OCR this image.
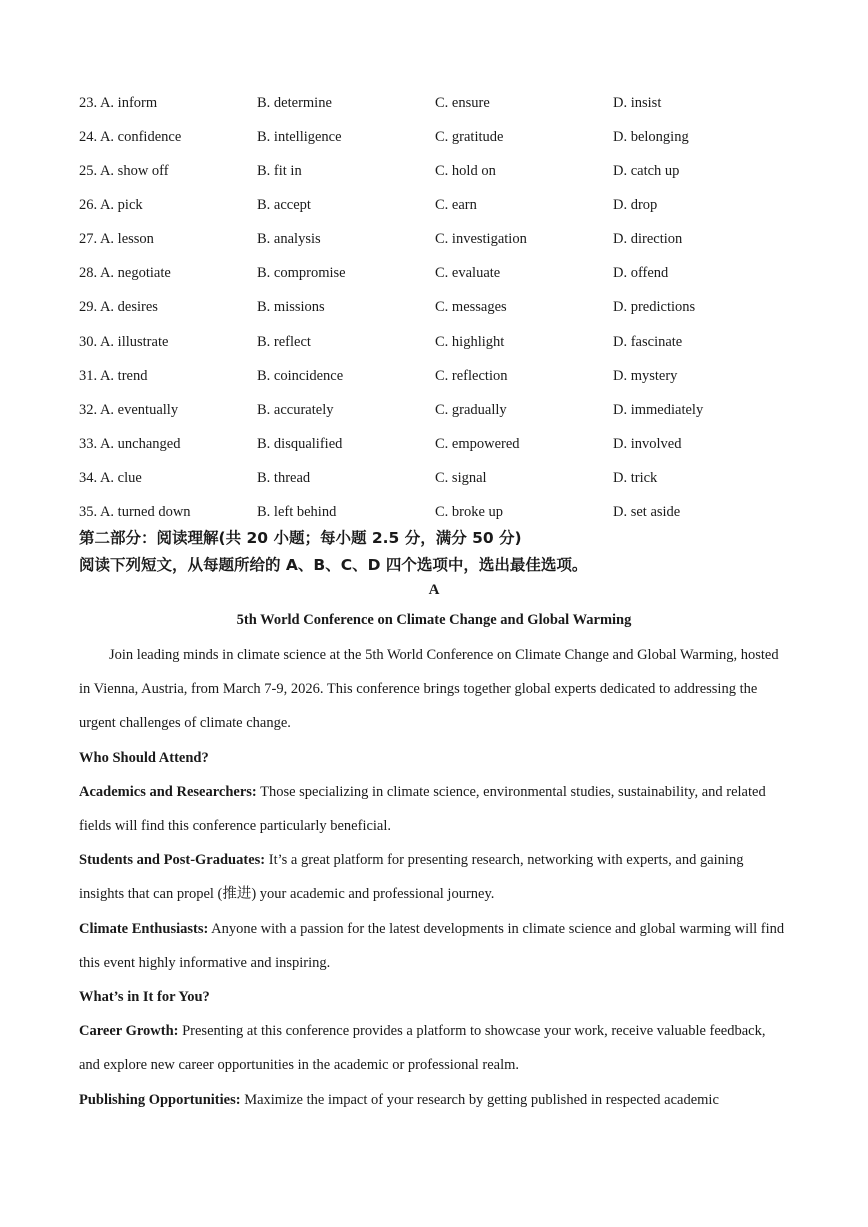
23. A. inform	B. determine	C. ensure	D. insist
24. A. confidence	B. intelligence	C. gratitude	D. belonging
25. A. show off	B. fit in	C. hold on	D. catch up
26. A. pick	B. accept	C. earn	D. drop
27. A. lesson	B. analysis	C. investigation	D. direction
28. A. negotiate	B. compromise	C. evaluate	D. offend
29. A. desires	B. missions	C. messages	D. predictions
30. A. illustrate	B. reflect	C. highlight	D. fascinate
31. A. trend	B. coincidence	C. reflection	D. mystery
32. A. eventually	B. accurately	C. gradually	D. immediately
33. A. unchanged	B. disqualified	C. empowered	D. involved
34. A. clue	B. thread	C. signal	D. trick
35. A. turned down	B. left behind	C. broke up	D. set aside
第二部分：阅读理解(共 20 小题；每小题 2.5 分，满分 50 分)
阅读下列短文，从每题所给的 A、B、C、D 四个选项中，选出最佳选项。
A
5th World Conference on Climate Change and Global Warming

Join leading minds in climate science at the 5th World Conference on Climate Change and Global Warming, hosted in Vienna, Austria, from March 7-9, 2026. This conference brings together global experts dedicated to addressing the urgent challenges of climate change.

Who Should Attend?

Academics and Researchers: Those specializing in climate science, environmental studies, sustainability, and related fields will find this conference particularly beneficial.

Students and Post-Graduates: It’s a great platform for presenting research, networking with experts, and gaining insights that can propel (推进) your academic and professional journey.

Climate Enthusiasts: Anyone with a passion for the latest developments in climate science and global warming will find this event highly informative and inspiring.

What’s in It for You?

Career Growth: Presenting at this conference provides a platform to showcase your work, receive valuable feedback, and explore new career opportunities in the academic or professional realm.

Publishing Opportunities: Maximize the impact of your research by getting published in respected academic
